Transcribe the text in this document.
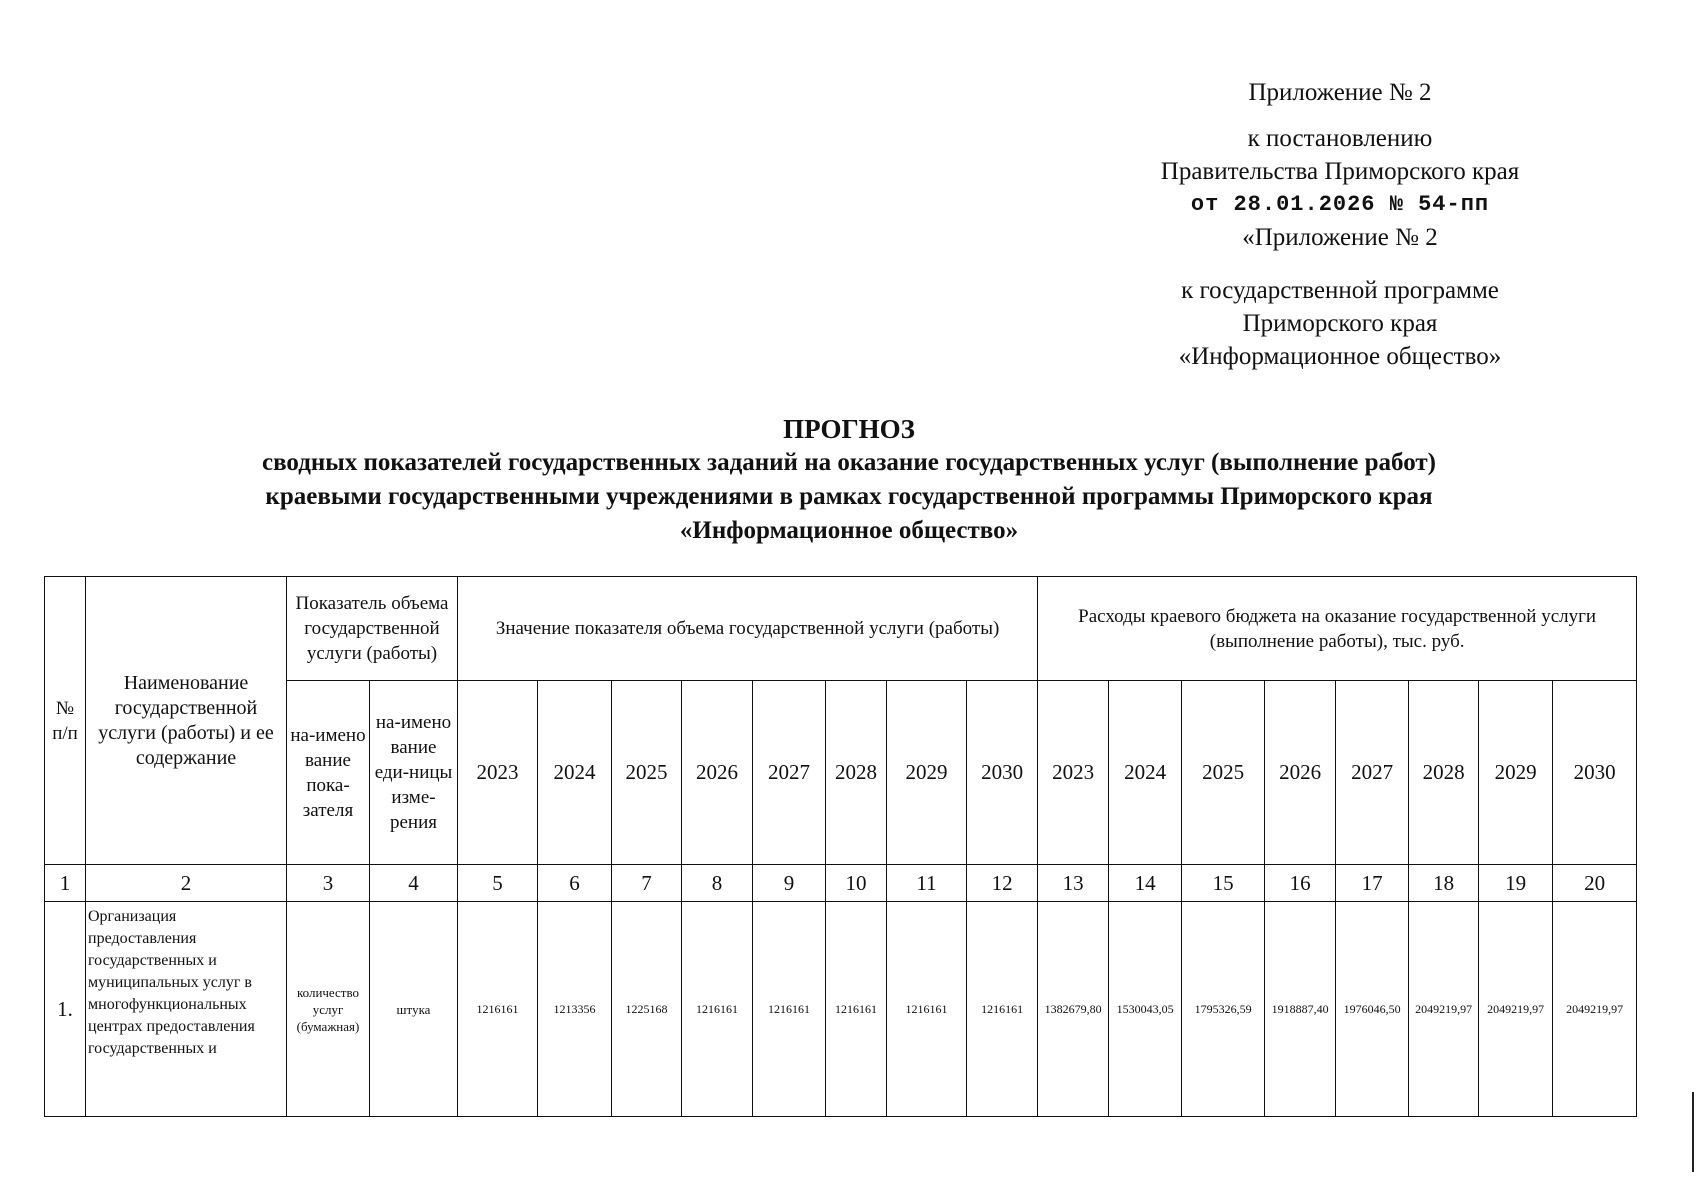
Приложение № 2
к постановлению
Правительства Приморского края
от 28.01.2026 № 54-пп
«Приложение № 2
к государственной программе
Приморского края
«Информационное общество»
ПРОГНОЗ
сводных показателей государственных заданий на оказание государственных услуг (выполнение работ)
краевыми государственными учреждениями в рамках государственной программы Приморского края
«Информационное общество»
№ п/п	Наименование государственной услуги (работы) и ее содержание	Показатель объема государственной услуги (работы)		Значение показателя объема государственной услуги (работы)								Расходы краевого бюджета на оказание государственной услуги (выполнение работы), тыс. руб.							
		на-имено вание пока-зателя	на-имено вание еди-ницы изме-рения	2023	2024	2025	2026	2027	2028	2029	2030	2023	2024	2025	2026	2027	2028	2029	2030
1	2	3	4	5	6	7	8	9	10	11	12	13	14	15	16	17	18	19	20
1.	Организация предоставления государственных и муниципальных услуг в многофункциональных центрах предоставления государственных и	количество услуг (бумажная)	штука	1216161	1213356	1225168	1216161	1216161	1216161	1216161	1216161	1382679,80	1530043,05	1795326,59	1918887,40	1976046,50	2049219,97	2049219,97	2049219,97
